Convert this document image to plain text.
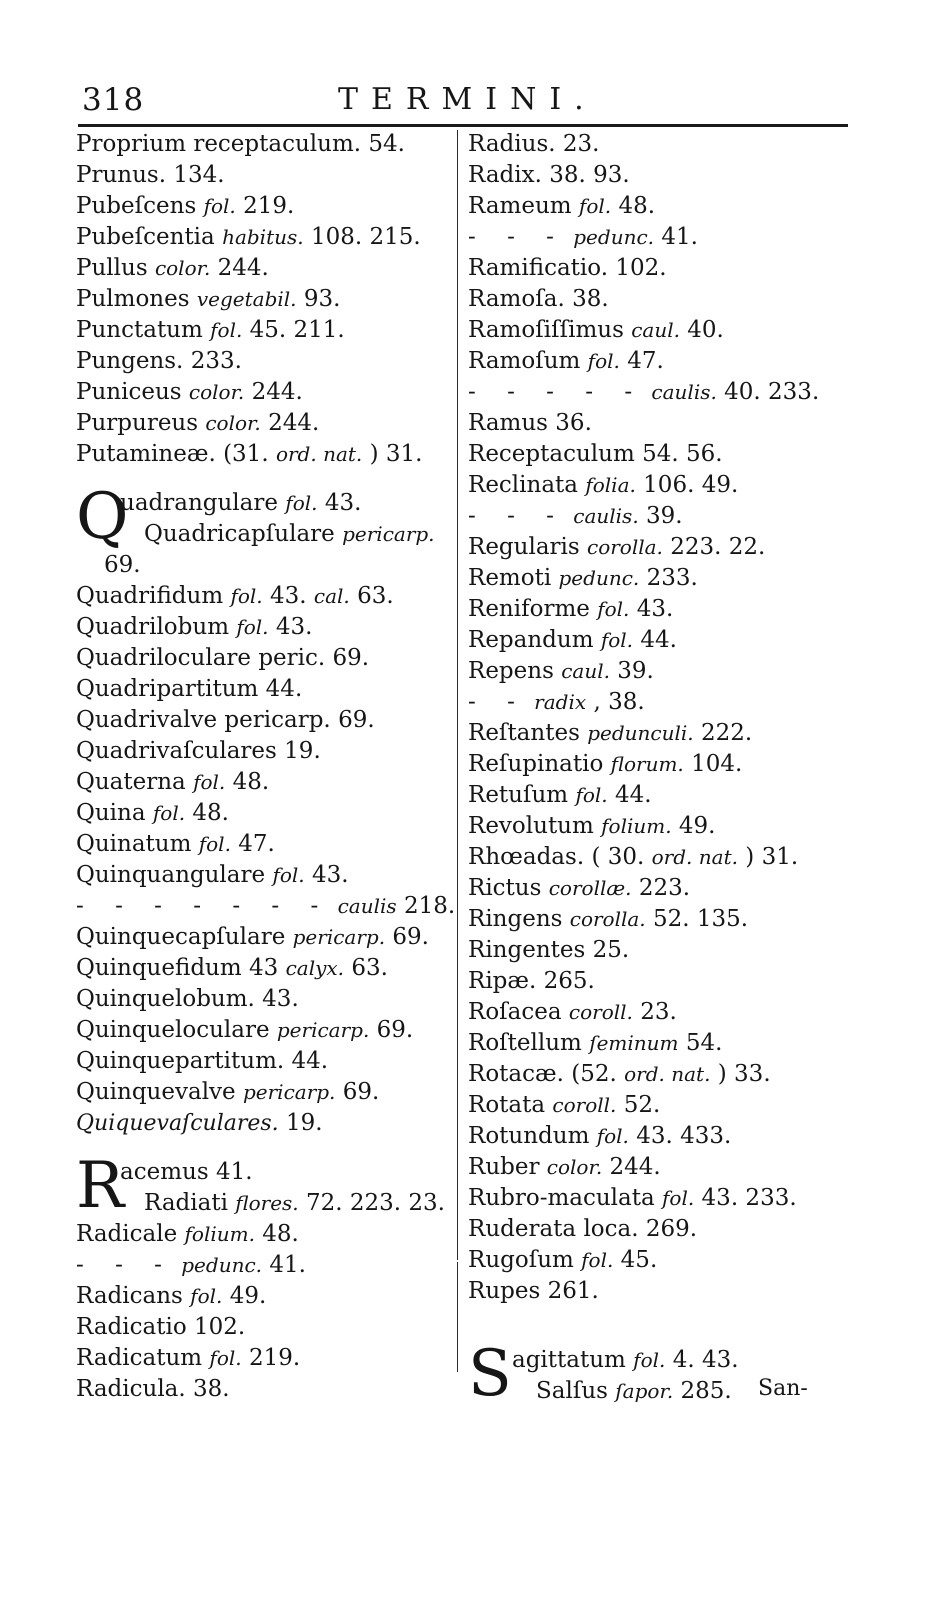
318	TERMINI.
Proprium receptaculum. 54.
Prunus. 134.
Pubeſcens fol. 219.
Pubeſcentia habitus. 108. 215.
Pullus color. 244.
Pulmones vegetabil. 93.
Punctatum fol. 45. 211.
Pungens. 233.
Puniceus color. 244.
Purpureus color. 244.
Putamineæ. (31. ord. nat. ) 31.
Q
uadrangulare fol. 43.
Quadricapſulare pericarp.
69.
Quadrifidum fol. 43. cal. 63.
Quadrilobum fol. 43.
Quadriloculare peric. 69.
Quadripartitum 44.
Quadrivalve pericarp. 69.
Quadrivaſculares 19.
Quaterna fol. 48.
Quina fol. 48.
Quinatum fol. 47.
Quinquangulare fol. 43.
- - - - - - - caulis 218.
Quinquecapſulare pericarp. 69.
Quinquefidum 43 calyx. 63.
Quinquelobum. 43.
Quinqueloculare pericarp. 69.
Quinquepartitum. 44.
Quinquevalve pericarp. 69.
Quiquevaſculares. 19.
R
acemus 41.
Radiati flores. 72. 223. 23.
Radicale folium. 48.
- - - pedunc. 41.
Radicans fol. 49.
Radicatio 102.
Radicatum fol. 219.
Radicula. 38.
Radius. 23.
Radix. 38. 93.
Rameum fol. 48.
- - - pedunc. 41.
Ramificatio. 102.
Ramoſa. 38.
Ramoſiſſimus caul. 40.
Ramoſum fol. 47.
- - - - - caulis. 40. 233.
Ramus 36.
Receptaculum 54. 56.
Reclinata folia. 106. 49.
- - - caulis. 39.
Regularis corolla. 223. 22.
Remoti pedunc. 233.
Reniforme fol. 43.
Repandum fol. 44.
Repens caul. 39.
- - radix , 38.
Reſtantes pedunculi. 222.
Reſupinatio florum. 104.
Retuſum fol. 44.
Revolutum folium. 49.
Rhœadas. ( 30. ord. nat. ) 31.
Rictus corollæ. 223.
Ringens corolla. 52. 135.
Ringentes 25.
Ripæ. 265.
Roſacea coroll. 23.
Roſtellum ſeminum 54.
Rotacæ. (52. ord. nat. ) 33.
Rotata coroll. 52.
Rotundum fol. 43. 433.
Ruber color. 244.
Rubro-maculata fol. 43. 233.
Ruderata loca. 269.
Rugoſum fol. 45.
Rupes 261.
S agittatum fol. 4. 43.
Salſus ſapor. 285. San-
